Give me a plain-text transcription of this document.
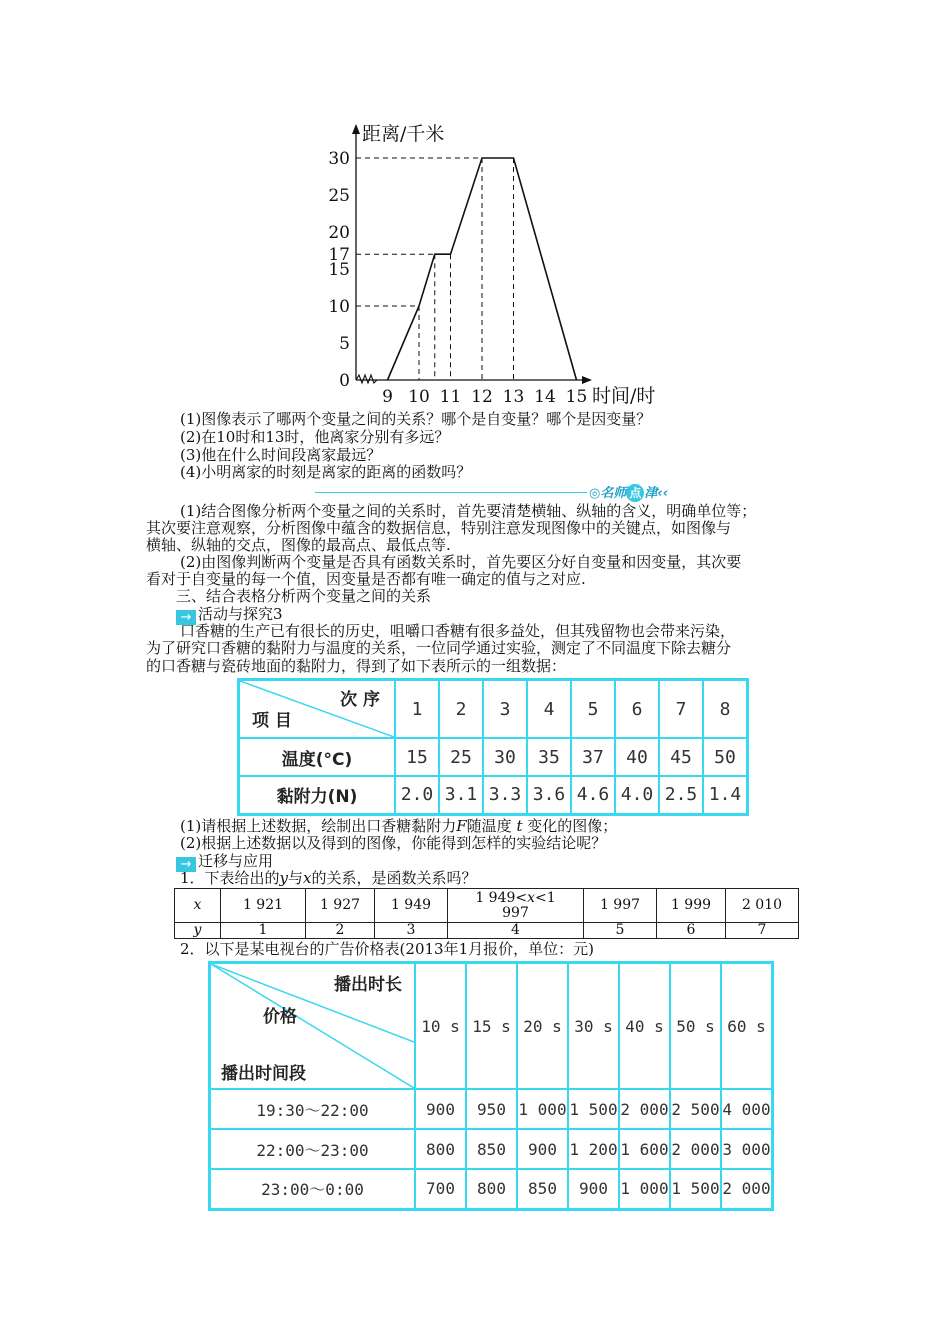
距离/千米
时间/时
0
5
10
15
17
20
25
30
9 10 11 12 13 14 15
(1)图像表示了哪两个变量之间的关系？哪个是自变量？哪个是因变量？
(2)在10时和13时，他离家分别有多远？
(3)他在什么时间段离家最远？
(4)小明离家的时刻是离家的距离的函数吗？
◎名师 点 津‹‹
(1)结合图像分析两个变量之间的关系时，首先要清楚横轴、纵轴的含义，明确单位等；
其次要注意观察，分析图像中蕴含的数据信息，特别注意发现图像中的关键点，如图像与
横轴、纵轴的交点，图像的最高点、最低点等.
(2)由图像判断两个变量是否具有函数关系时，首先要区分好自变量和因变量，其次要
看对于自变量的每一个值，因变量是否都有唯一确定的值与之对应.
三、结合表格分析两个变量之间的关系
→ 活动与探究3
口香糖的生产已有很长的历史，咀嚼口香糖有很多益处，但其残留物也会带来污染，
为了研究口香糖的黏附力与温度的关系，一位同学通过实验，测定了不同温度下除去糖分
的口香糖与瓷砖地面的黏附力，得到了如下表所示的一组数据：
次 序
项 目	1	2	3	4	5	6	7	8
温度(°C)	15	25	30	35	37	40	45	50
黏附力(N)	2.0	3.1	3.3	3.6	4.6	4.0	2.5	1.4
(1)请根据上述数据，绘制出口香糖黏附力F随温度 t 变化的图像；
(2)根据上述数据以及得到的图像，你能得到怎样的实验结论呢？
→ 迁移与应用
1．下表给出的y与x的关系，是函数关系吗？
x	1 921	1 927	1 949	1 949<x<1
997	1 997	1 999	2 010
y	1	2	3	4	5	6	7
2．以下是某电视台的广告价格表(2013年1月报价，单位：元)
播出时长
价格
播出时间段	10 s	15 s	20 s	30 s	40 s	50 s	60 s
19:30～22:00	900	950	1 000	1 500	2 000	2 500	4 000
22:00～23:00	800	850	900	1 200	1 600	2 000	3 000
23:00～0:00	700	800	850	900	1 000	1 500	2 000
